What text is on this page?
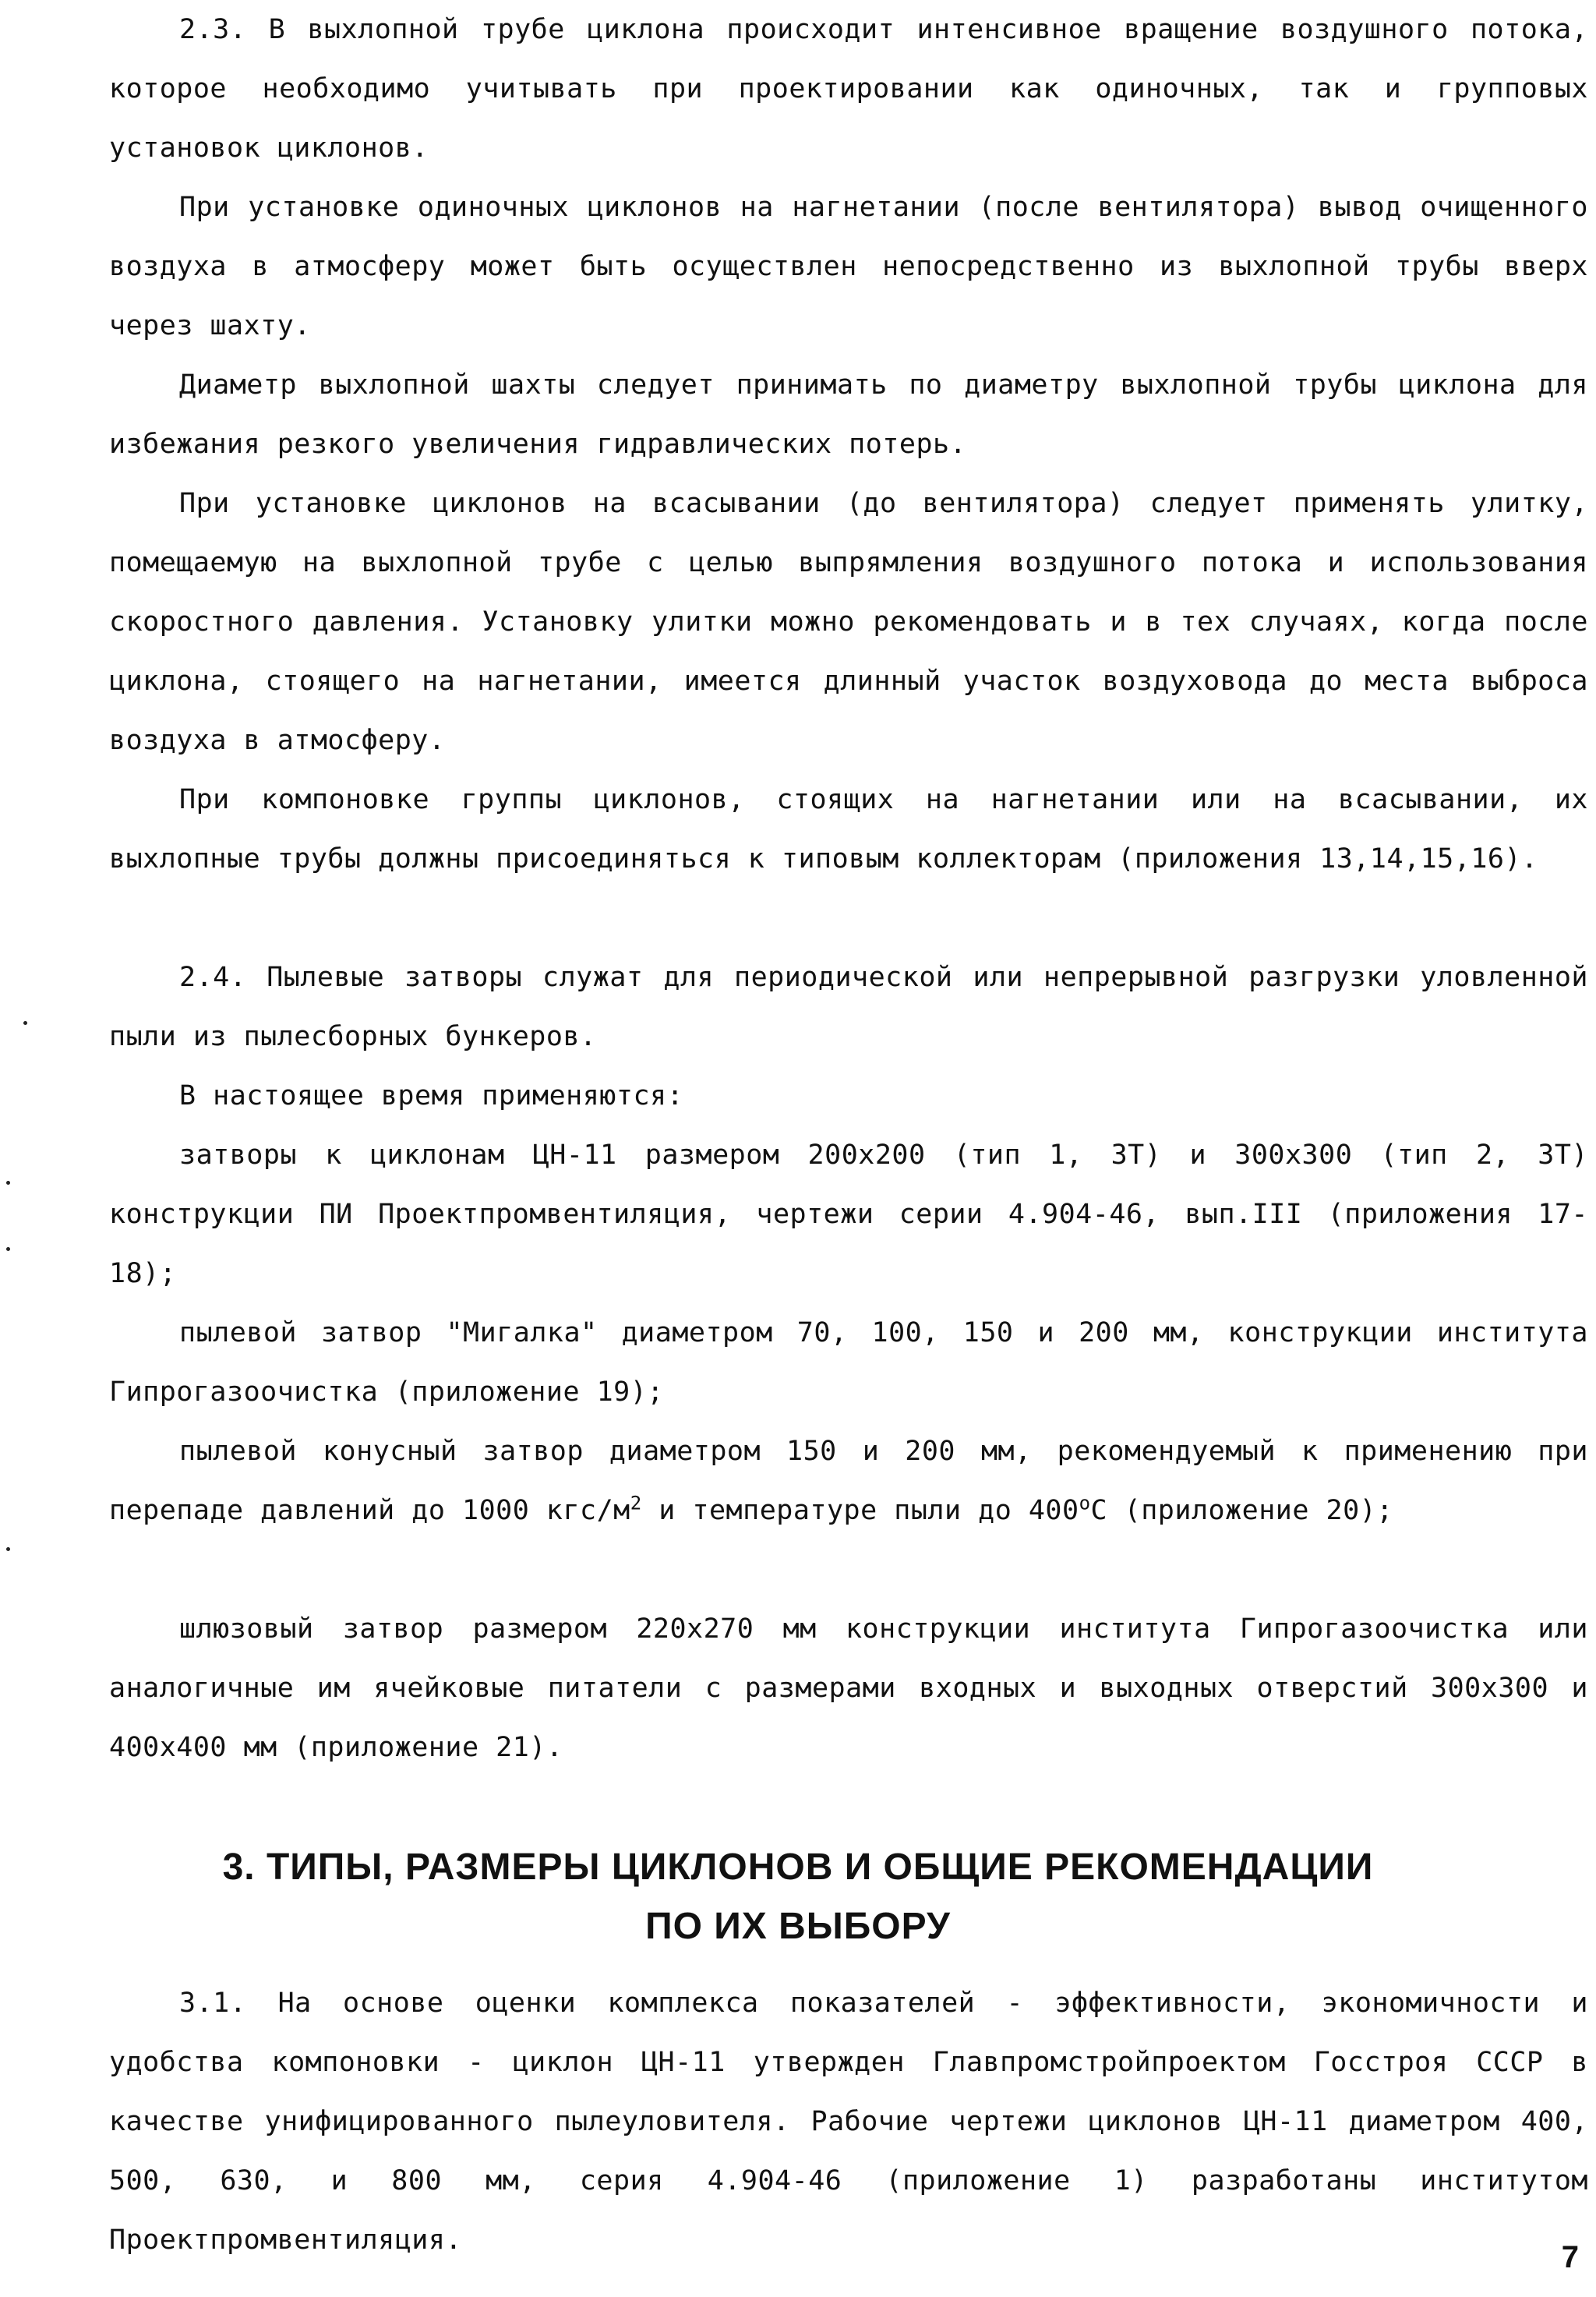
2.3. В выхлопной трубе циклона происходит интенсивное вращение воздушного потока, которое необходимо учитывать при проектировании как одиночных, так и групповых установок циклонов.

При установке одиночных циклонов на нагнетании (после вентилятора) вывод очищенного воздуха в атмосферу может быть осуществлен непосредственно из выхлопной трубы вверх через шахту.

Диаметр выхлопной шахты следует принимать по диаметру выхлопной трубы циклона для избежания резкого увеличения гидравлических потерь.

При установке циклонов на всасывании (до вентилятора) следует применять улитку, помещаемую на выхлопной трубе с целью выпрямления воздушного потока и использования скоростного давления. Установку улитки можно рекомендовать и в тех случаях, когда после циклона, стоящего на нагнетании, имеется длинный участок воздуховода до места выброса воздуха в атмосферу.

При компоновке группы циклонов, стоящих на нагнетании или на всасывании, их выхлопные трубы должны присоединяться к типовым коллекторам (приложения 13,14,15,16).

2.4. Пылевые затворы служат для периодической или непрерывной разгрузки уловленной пыли из пылесборных бункеров.

В настоящее время применяются:

затворы к циклонам ЦН-11 размером 200х200 (тип 1, 3Т) и 300х300 (тип 2, 3Т) конструкции ПИ Проектпромвентиляция, чертежи серии 4.904-46, вып.III (приложения 17-18);

пылевой затвор "Мигалка" диаметром 70, 100, 150 и 200 мм, конструкции института Гипрогазоочистка (приложение 19);

пылевой конусный затвор диаметром 150 и 200 мм, рекомендуемый к применению при перепаде давлений до 1000 кгс/$м^2$ и температуре пыли до $400^оС$ (приложение 20);

шлюзовый затвор размером 220х270 мм конструкции института Гипрогазоочистка или аналогичные им ячейковые питатели с размерами входных и выходных отверстий 300х300 и 400х400 мм (приложение 21).

3. ТИПЫ, РАЗМЕРЫ ЦИКЛОНОВ И ОБЩИЕ РЕКОМЕНДАЦИИ
ПО ИХ ВЫБОРУ

3.1. На основе оценки комплекса показателей - эффективности, экономичности и удобства компоновки - циклон ЦН-11 утвержден Главпромстройпроектом Госстроя СССР в качестве унифицированного пылеуловителя. Рабочие чертежи циклонов ЦН-11 диаметром 400, 500, 630, и 800 мм, серия 4.904-46 (приложение 1) разработаны институтом Проектпромвентиляция.	7
